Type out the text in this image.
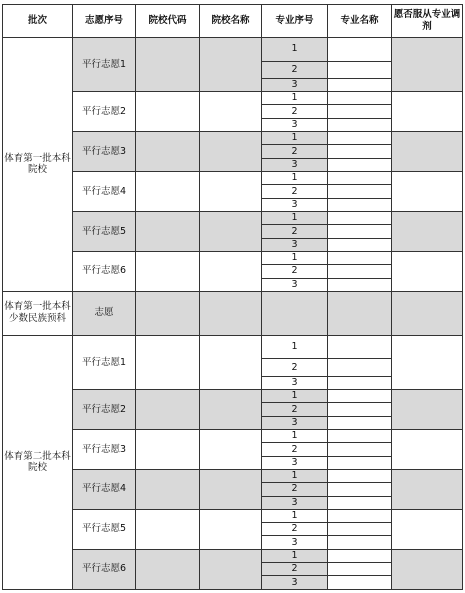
批次	志愿序号	院校代码	院校名称	专业序号	专业名称	愿否服从专业调剂
体育第一批本科院校	平行志愿1			1		
				2		
				3		
	平行志愿2			1		
				2		
				3		
	平行志愿3			1		
				2		
				3		
	平行志愿4			1		
				2		
				3		
	平行志愿5			1		
				2		
				3		
	平行志愿6			1		
				2		
				3		
体育第一批本科少数民族预科	志愿					
体育第二批本科院校	平行志愿1			1		
				2		
				3		
	平行志愿2			1		
				2		
				3		
	平行志愿3			1		
				2		
				3		
	平行志愿4			1		
				2		
				3		
	平行志愿5			1		
				2		
				3		
	平行志愿6			1		
				2		
				3		
